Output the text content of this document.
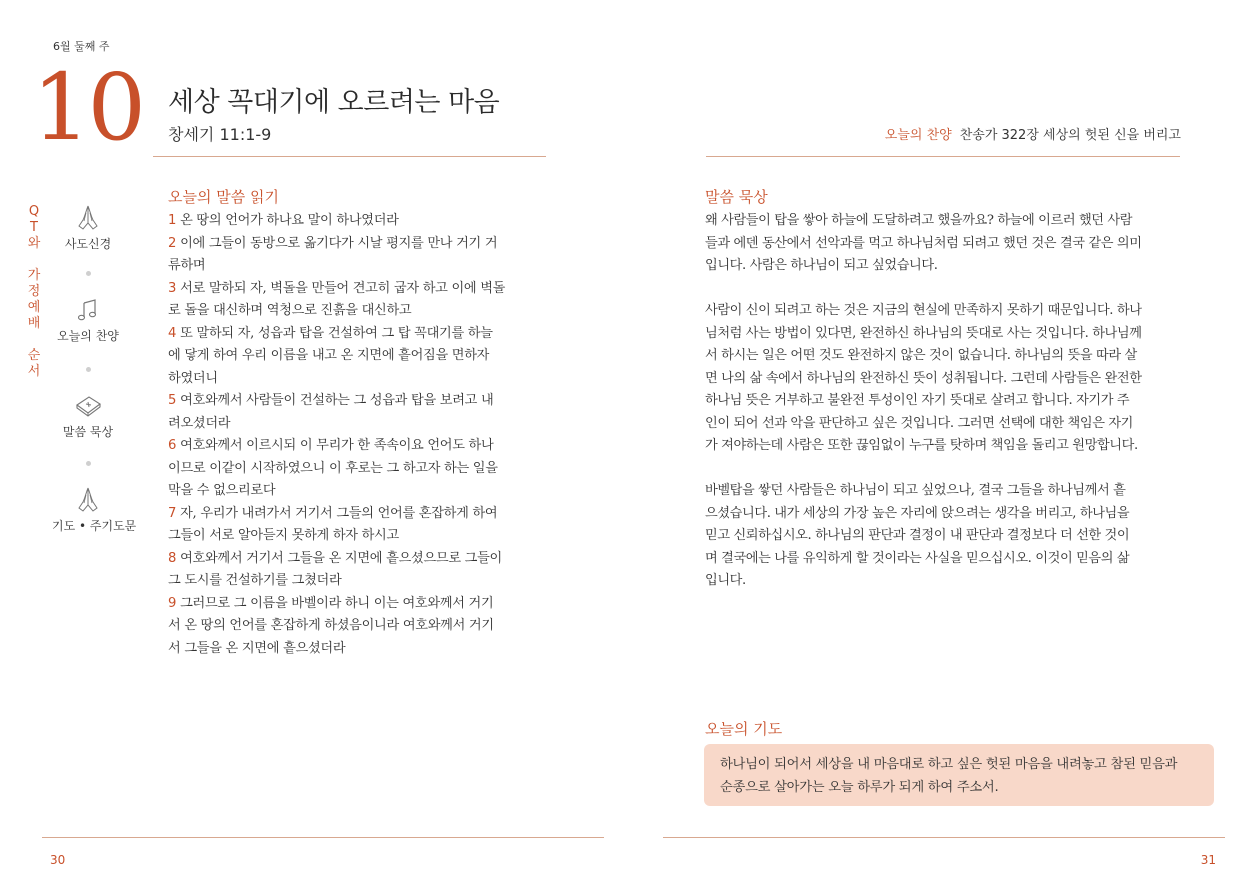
6월 둘째 주
10 세상 꼭대기에 오르려는 마음
창세기 11:1-9	오늘의 찬양 찬송가 322장 세상의 헛된 신을 버리고
Q
T
와
가
정
예
배
순
서
사도신경
오늘의 찬양
말씀 묵상
기도 • 주기도문
오늘의 말씀 읽기

1 온 땅의 언어가 하나요 말이 하나였더라

2 이에 그들이 동방으로 옮기다가 시날 평지를 만나 거기 거

류하며

3 서로 말하되 자, 벽돌을 만들어 견고히 굽자 하고 이에 벽돌

로 돌을 대신하며 역청으로 진흙을 대신하고

4 또 말하되 자, 성읍과 탑을 건설하여 그 탑 꼭대기를 하늘

에 닿게 하여 우리 이름을 내고 온 지면에 흩어짐을 면하자

하였더니

5 여호와께서 사람들이 건설하는 그 성읍과 탑을 보려고 내

려오셨더라

6 여호와께서 이르시되 이 무리가 한 족속이요 언어도 하나

이므로 이같이 시작하였으니 이 후로는 그 하고자 하는 일을

막을 수 없으리로다

7 자, 우리가 내려가서 거기서 그들의 언어를 혼잡하게 하여

그들이 서로 알아듣지 못하게 하자 하시고

8 여호와께서 거기서 그들을 온 지면에 흩으셨으므로 그들이

그 도시를 건설하기를 그쳤더라

9 그러므로 그 이름을 바벨이라 하니 이는 여호와께서 거기

서 온 땅의 언어를 혼잡하게 하셨음이니라 여호와께서 거기

서 그들을 온 지면에 흩으셨더라

말씀 묵상
왜 사람들이 탑을 쌓아 하늘에 도달하려고 했을까요? 하늘에 이르러 했던 사람
들과 에덴 동산에서 선악과를 먹고 하나님처럼 되려고 했던 것은 결국 같은 의미
입니다. 사람은 하나님이 되고 싶었습니다.
사람이 신이 되려고 하는 것은 지금의 현실에 만족하지 못하기 때문입니다. 하나
님처럼 사는 방법이 있다면, 완전하신 하나님의 뜻대로 사는 것입니다. 하나님께
서 하시는 일은 어떤 것도 완전하지 않은 것이 없습니다. 하나님의 뜻을 따라 살
면 나의 삶 속에서 하나님의 완전하신 뜻이 성취됩니다. 그런데 사람들은 완전한
하나님 뜻은 거부하고 불완전 투성이인 자기 뜻대로 살려고 합니다. 자기가 주
인이 되어 선과 악을 판단하고 싶은 것입니다. 그러면 선택에 대한 책임은 자기
가 져야하는데 사람은 또한 끊임없이 누구를 탓하며 책임을 돌리고 원망합니다.
바벨탑을 쌓던 사람들은 하나님이 되고 싶었으나, 결국 그들을 하나님께서 흩
으셨습니다. 내가 세상의 가장 높은 자리에 앉으려는 생각을 버리고, 하나님을
믿고 신뢰하십시오. 하나님의 판단과 결정이 내 판단과 결정보다 더 선한 것이
며 결국에는 나를 유익하게 할 것이라는 사실을 믿으십시오. 이것이 믿음의 삶
입니다.
오늘의 기도
하나님이 되어서 세상을 내 마음대로 하고 싶은 헛된 마음을 내려놓고 참된 믿음과
순종으로 살아가는 오늘 하루가 되게 하여 주소서.
30	31
